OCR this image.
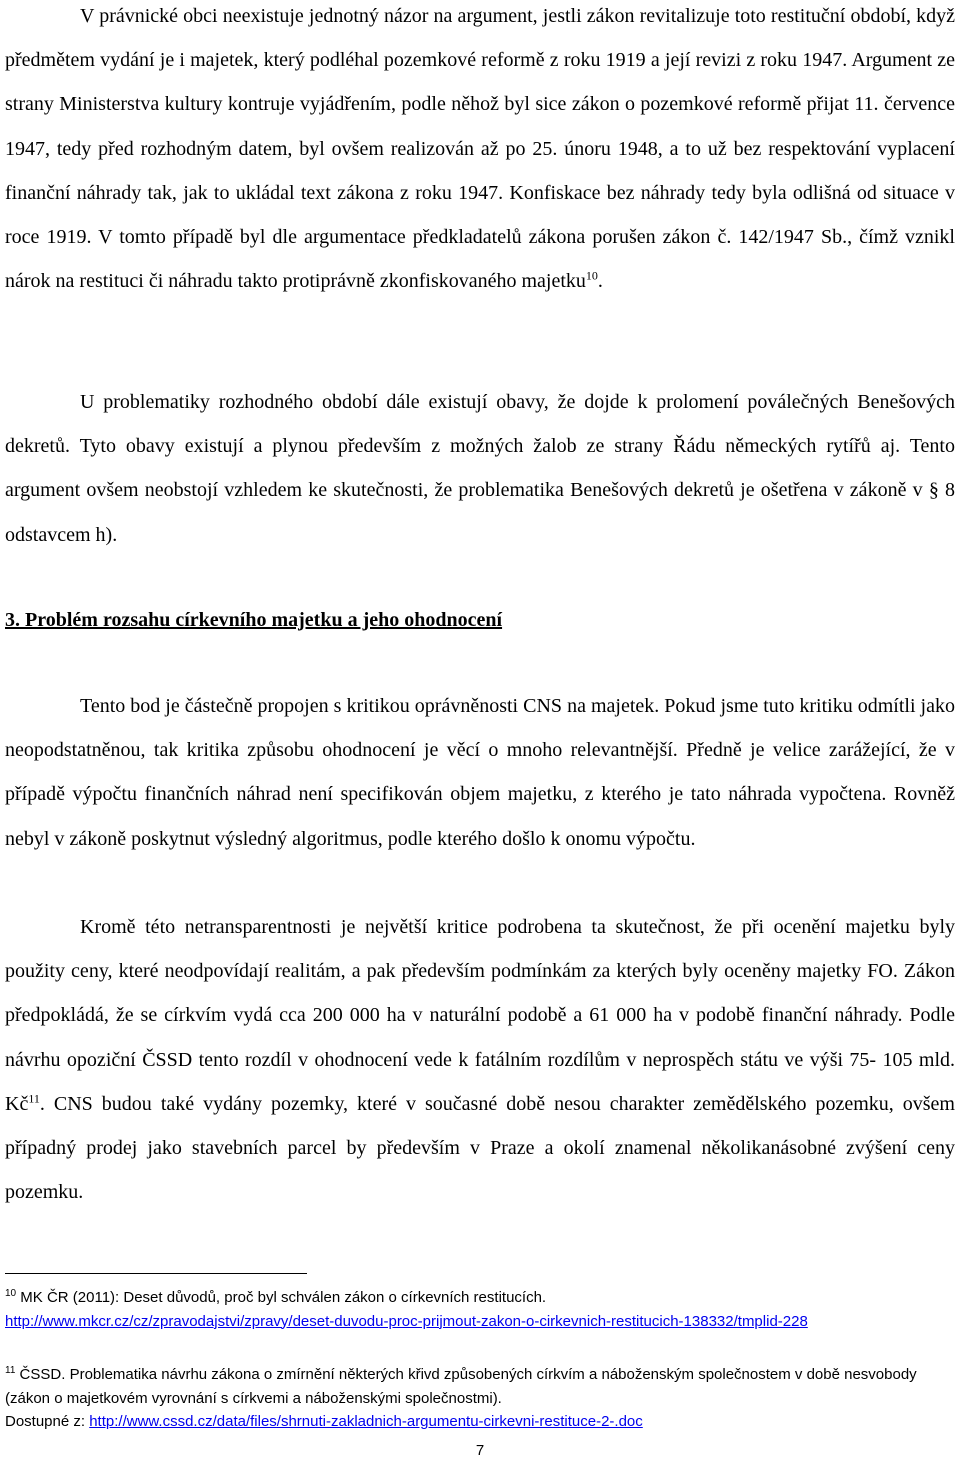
V právnické obci neexistuje jednotný názor na argument, jestli zákon revitalizuje toto restituční období, když předmětem vydání je i majetek, který podléhal pozemkové reformě z roku 1919 a její revizi z roku 1947. Argument ze strany Ministerstva kultury kontruje vyjádřením, podle něhož byl sice zákon o pozemkové reformě přijat 11. července 1947, tedy před rozhodným datem, byl ovšem realizován až po 25. únoru 1948, a to už bez respektování vyplacení finanční náhrady tak, jak to ukládal text zákona z roku 1947. Konfiskace bez náhrady tedy byla odlišná od situace v roce 1919. V tomto případě byl dle argumentace předkladatelů zákona porušen zákon č. 142/1947 Sb., čímž vznikl nárok na restituci či náhradu takto protiprávně zkonfiskovaného majetku$^{10}$.

U problematiky rozhodného období dále existují obavy, že dojde k prolomení poválečných Benešových dekretů. Tyto obavy existují a plynou především z možných žalob ze strany Řádu německých rytířů aj. Tento argument ovšem neobstojí vzhledem ke skutečnosti, že problematika Benešových dekretů je ošetřena v zákoně v § 8 odstavcem h).

3. Problém rozsahu církevního majetku a jeho ohodnocení

Tento bod je částečně propojen s kritikou oprávněnosti CNS na majetek. Pokud jsme tuto kritiku odmítli jako neopodstatněnou, tak kritika způsobu ohodnocení je věcí o mnoho relevantnější. Předně je velice zarážející, že v případě výpočtu finančních náhrad není specifikován objem majetku, z kterého je tato náhrada vypočtena. Rovněž nebyl v zákoně poskytnut výsledný algoritmus, podle kterého došlo k onomu výpočtu.

Kromě této netransparentnosti je největší kritice podrobena ta skutečnost, že při ocenění majetku byly použity ceny, které neodpovídají realitám, a pak především podmínkám za kterých byly oceněny majetky FO. Zákon předpokládá, že se církvím vydá cca 200 000 ha v naturální podobě a 61 000 ha v podobě finanční náhrady. Podle návrhu opoziční ČSSD tento rozdíl v ohodnocení vede k fatálním rozdílům v neprospěch státu ve výši 75- 105 mld. $Kč^{11}$. CNS budou také vydány pozemky, které v současné době nesou charakter zemědělského pozemku, ovšem případný prodej jako stavebních parcel by především v Praze a okolí znamenal několikanásobné zvýšení ceny pozemku.

$^{10}$ MK ČR (2011): Deset důvodů, proč byl schválen zákon o církevních restitucích.
http://www.mkcr.cz/cz/zpravodajstvi/zpravy/deset-duvodu-proc-prijmout-zakon-o-cirkevnich-restitucich-138332/tmplid-228

$^{11}$ ČSSD. Problematika návrhu zákona o zmírnění některých křivd způsobených církvím a náboženským společnostem v době nesvobody (zákon o majetkovém vyrovnání s církvemi a náboženskými společnostmi).
Dostupné z: http://www.cssd.cz/data/files/shrnuti-zakladnich-argumentu-cirkevni-restituce-2-.doc

7
